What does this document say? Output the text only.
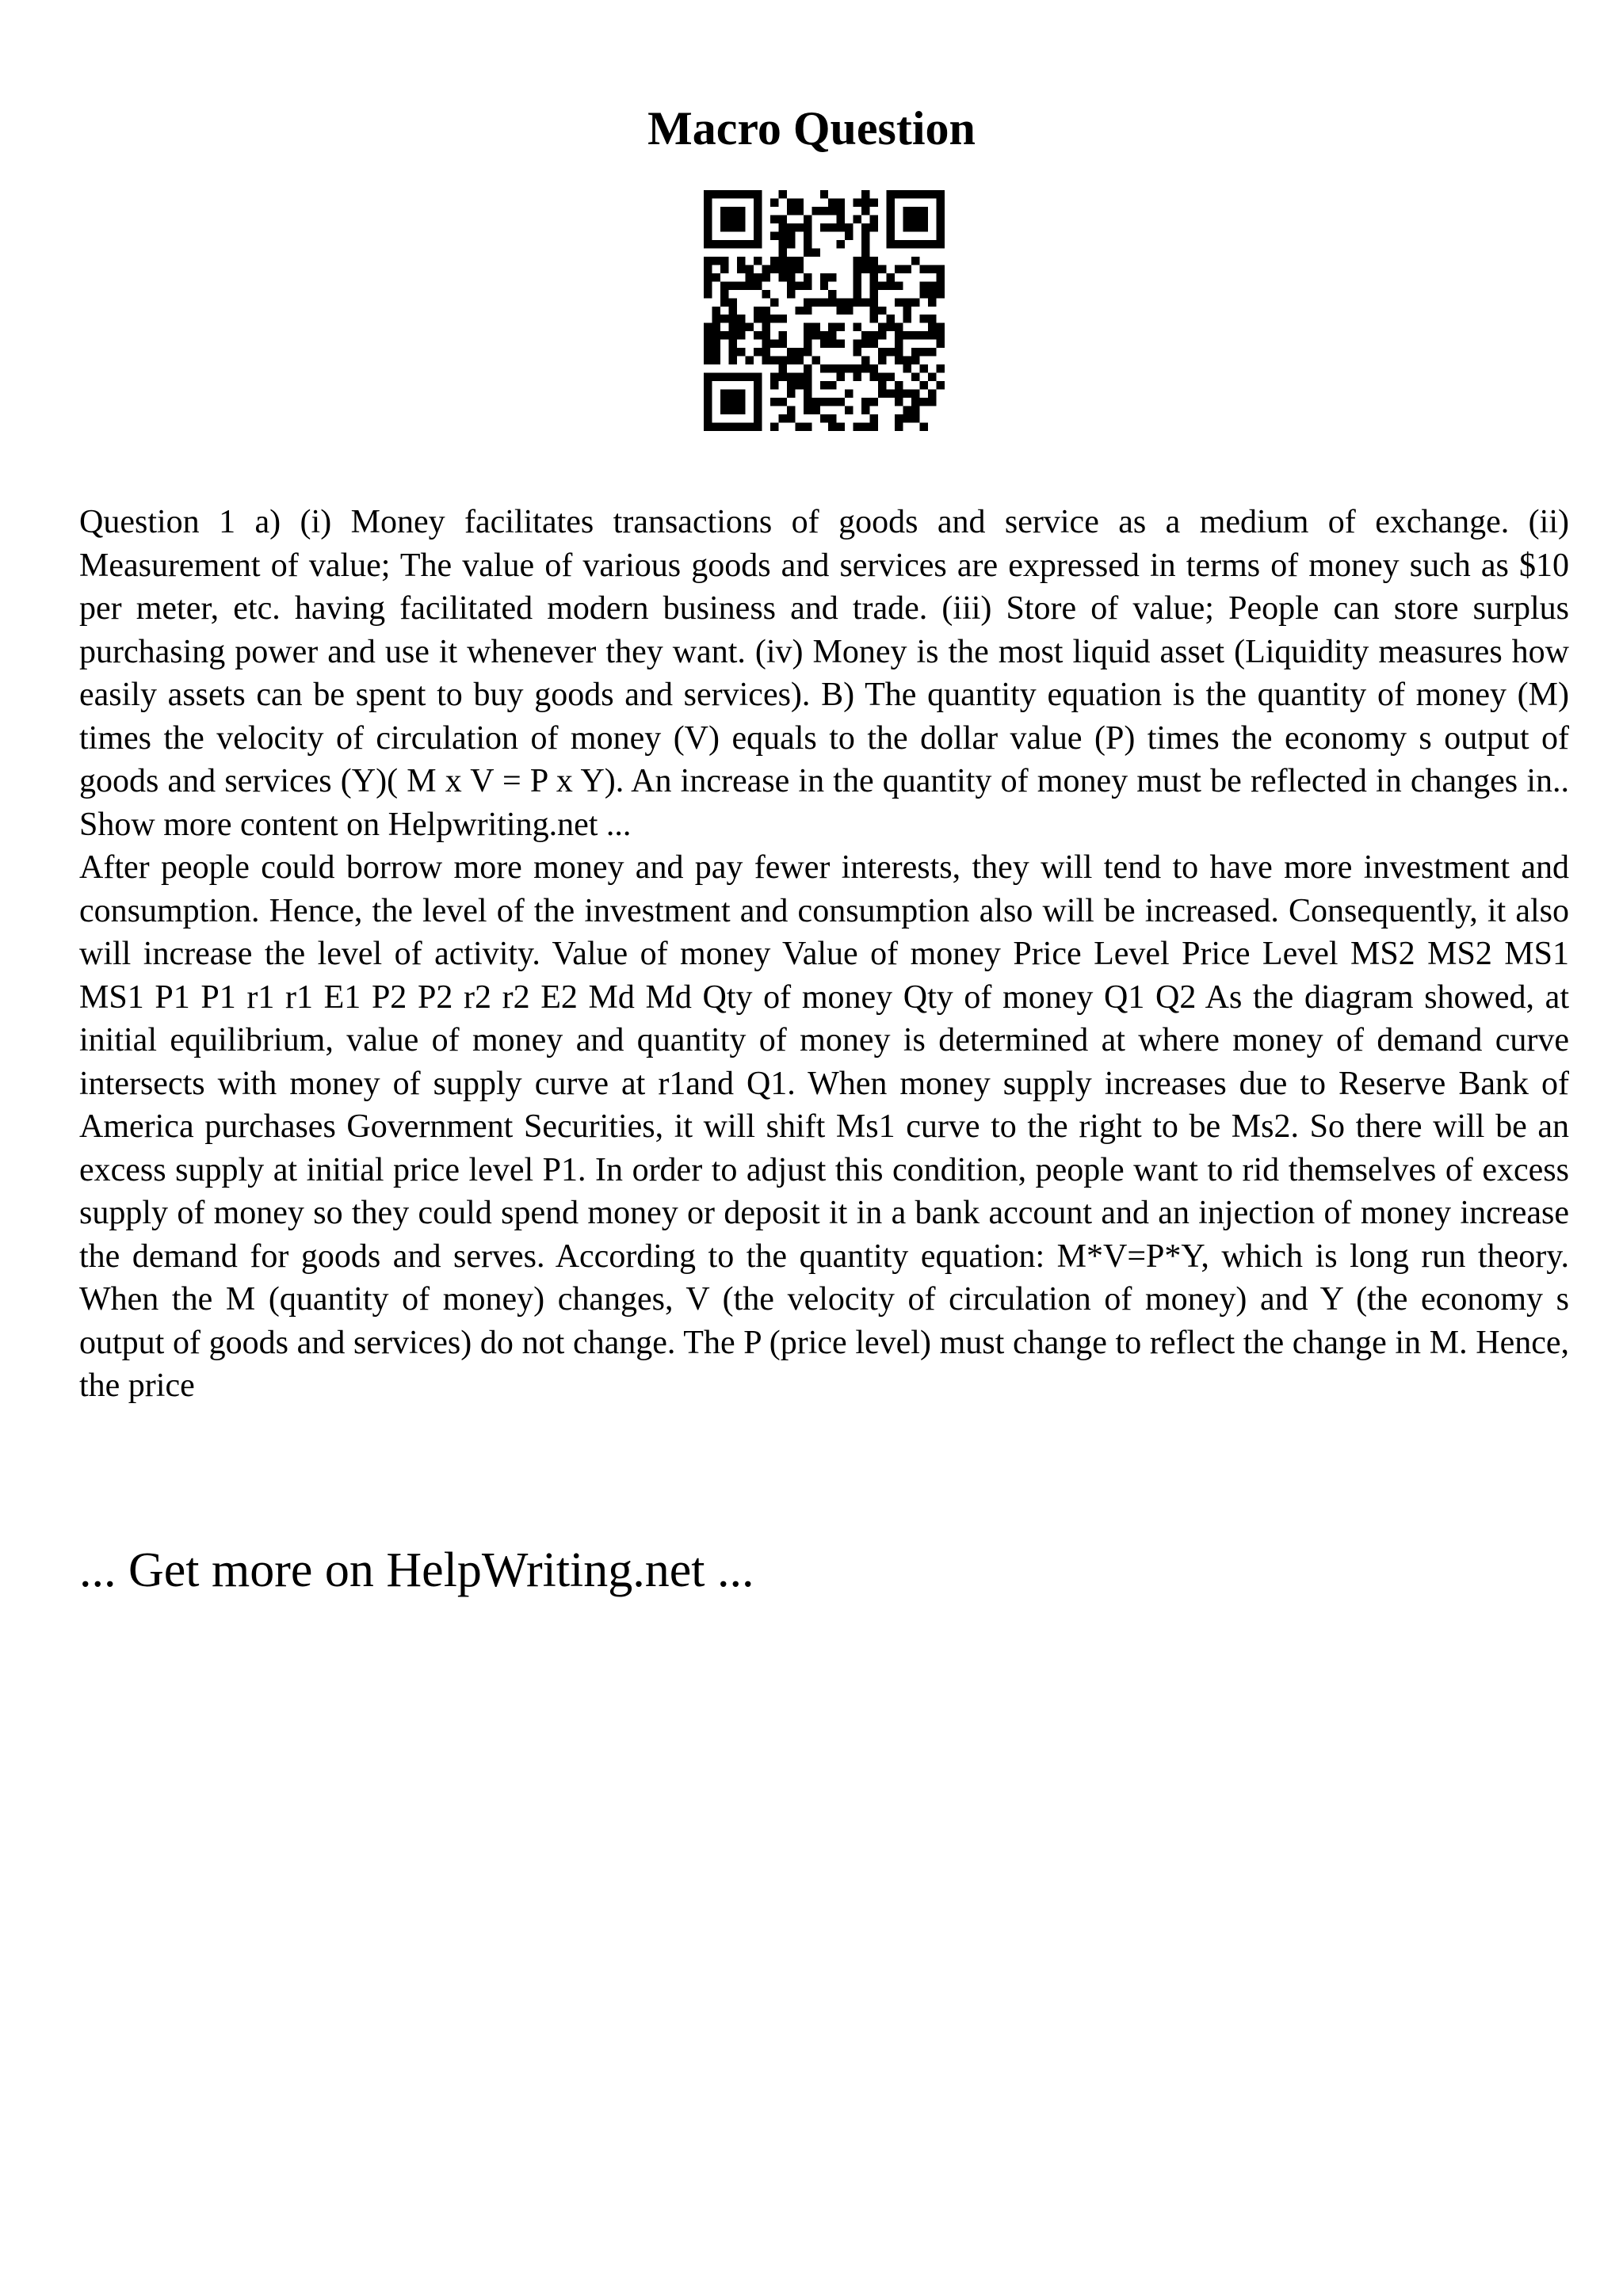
Macro Question

Question 1 a) (i) Money facilitates transactions of goods and service as a medium of exchange. (ii) Measurement of value; The value of various goods and services are expressed in terms of money such as $10 per meter, etc. having facilitated modern business and trade. (iii) Store of value; People can store surplus purchasing power and use it whenever they want. (iv) Money is the most liquid asset (Liquidity measures how easily assets can be spent to buy goods and services). B) The quantity equation is the quantity of money (M) times the velocity of circulation of money (V) equals to the dollar value (P) times the economy s output of goods and services (Y)( M x V = P x Y). An increase in the quantity of money must be reflected in changes in.. Show more content on Helpwriting.net ...

After people could borrow more money and pay fewer interests, they will tend to have more investment and consumption. Hence, the level of the investment and consumption also will be increased. Consequently, it also will increase the level of activity. Value of money Value of money Price Level Price Level MS2 MS2 MS1 MS1 P1 P1 r1 r1 E1 P2 P2 r2 r2 E2 Md Md Qty of money Qty of money Q1 Q2 As the diagram showed, at initial equilibrium, value of money and quantity of money is determined at where money of demand curve intersects with money of supply curve at r1and Q1. When money supply increases due to Reserve Bank of America purchases Government Securities, it will shift Ms1 curve to the right to be Ms2. So there will be an excess supply at initial price level P1. In order to adjust this condition, people want to rid themselves of excess supply of money so they could spend money or deposit it in a bank account and an injection of money increase the demand for goods and serves. According to the quantity equation: M*V=P*Y, which is long run theory. When the M (quantity of money) changes, V (the velocity of circulation of money) and Y (the economy s output of goods and services) do not change. The P (price level) must change to reflect the change in M. Hence, the price

... Get more on HelpWriting.net ...
